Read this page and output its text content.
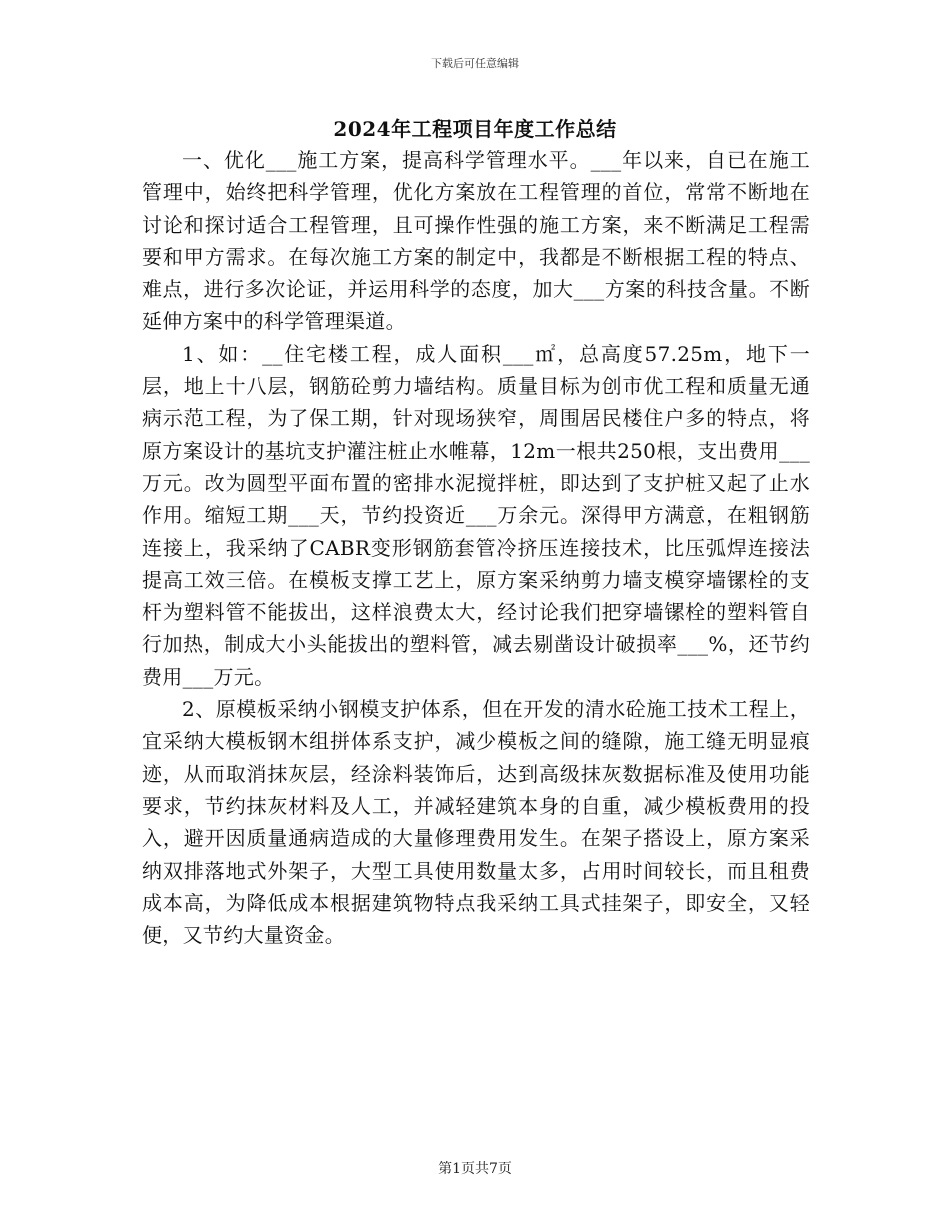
下载后可任意编辑
2024年工程项目年度工作总结

一、优化___施工方案，提高科学管理水平。___年以来，自已在施工管理中，始终把科学管理，优化方案放在工程管理的首位，常常不断地在讨论和探讨适合工程管理，且可操作性强的施工方案，来不断满足工程需要和甲方需求。在每次施工方案的制定中，我都是不断根据工程的特点、难点，进行多次论证，并运用科学的态度，加大___方案的科技含量。不断延伸方案中的科学管理渠道。

1、如：__住宅楼工程，成人面积___㎡，总高度57.25m，地下一层，地上十八层，钢筋砼剪力墙结构。质量目标为创市优工程和质量无通病示范工程，为了保工期，针对现场狭窄，周围居民楼住户多的特点，将原方案设计的基坑支护灌注桩止水帷幕，12m一根共250根，支出费用___万元。改为圆型平面布置的密排水泥搅拌桩，即达到了支护桩又起了止水作用。缩短工期___天，节约投资近___万余元。深得甲方满意，在粗钢筋连接上，我采纳了CABR变形钢筋套管冷挤压连接技术，比压弧焊连接法提高工效三倍。在模板支撑工艺上，原方案采纳剪力墙支模穿墙镙栓的支杆为塑料管不能拔出，这样浪费太大，经讨论我们把穿墙镙栓的塑料管自行加热，制成大小头能拔出的塑料管，减去剔凿设计破损率___%，还节约费用___万元。

2、原模板采纳小钢模支护体系，但在开发的清水砼施工技术工程上，宜采纳大模板钢木组拼体系支护，减少模板之间的缝隙，施工缝无明显痕迹，从而取消抹灰层，经涂料装饰后，达到高级抹灰数据标准及使用功能要求，节约抹灰材料及人工，并减轻建筑本身的自重，减少模板费用的投入，避开因质量通病造成的大量修理费用发生。在架子搭设上，原方案采纳双排落地式外架子，大型工具使用数量太多，占用时间较长，而且租费成本高，为降低成本根据建筑物特点我采纳工具式挂架子，即安全，又轻便，又节约大量资金。

第1页共7页
